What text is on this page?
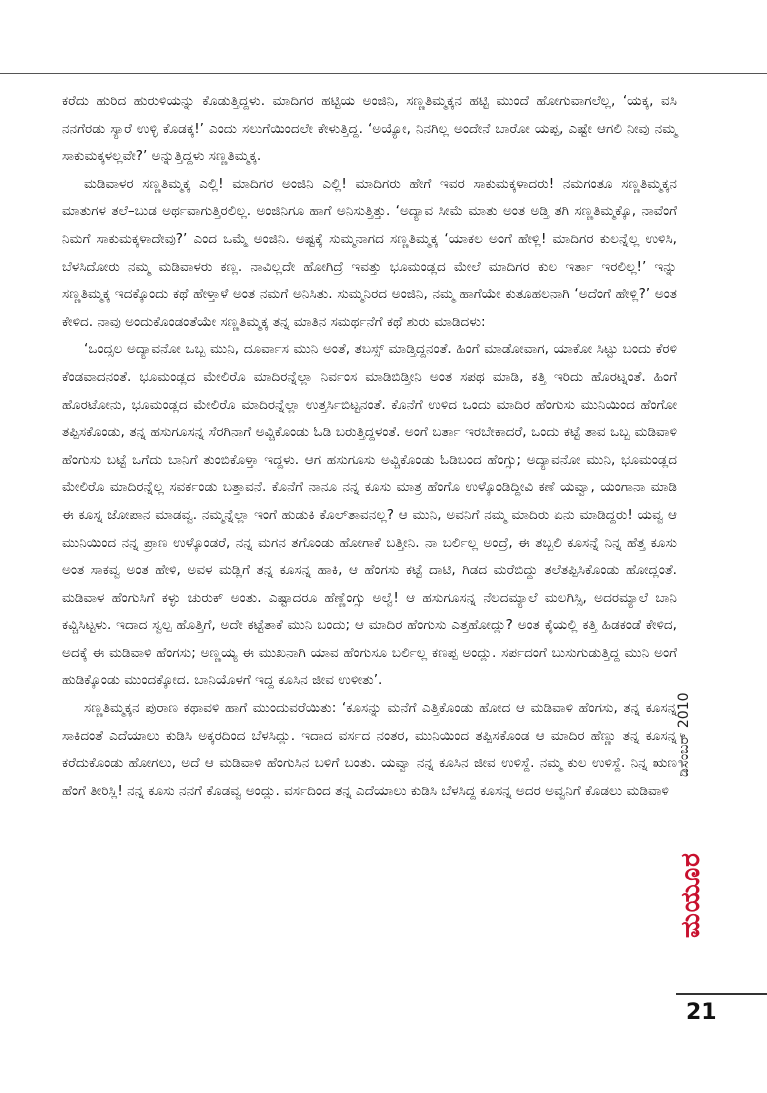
ಕರೆದು ಹುರಿದ ಹುರುಳಿಯನ್ನು ಕೊಡುತ್ತಿದ್ದಳು. ಮಾದಿಗರ ಹಟ್ಟಿಯ ಅಂಜಿನಿ, ಸಣ್ಣತಿಮ್ಮಕ್ಕನ ಹಟ್ಟಿ ಮುಂದೆ ಹೋಗುವಾಗಲೆಲ್ಲ, ‘ಯಕ್ಕ, ವಸಿ ನನಗೆರಡು ಸ್ಯಾರೆ ಉಳ್ಳಿ ಕೊಡಕ್ಕ!’ ಎಂದು ಸಲುಗೆಯಿಂದಲೇ ಕೇಳುತ್ತಿದ್ದ. ‘ಅಯ್ಯೋ, ನಿನಗಿಲ್ಲ ಅಂದೇನೆ ಬಾರೋ ಯಪ್ಪ, ಎಷ್ಟೇ ಆಗಲಿ ನೀವು ನಮ್ಮ ಸಾಕುಮಕ್ಕಳಲ್ಲವೇ?’ ಅನ್ನುತ್ತಿದ್ದಳು ಸಣ್ಣತಿಮ್ಮಕ್ಕ.

ಮಡಿವಾಳರ ಸಣ್ಣತಿಮ್ಮಕ್ಕ ಎಲ್ಲಿ! ಮಾದಿಗರ ಅಂಜಿನಿ ಎಲ್ಲಿ! ಮಾದಿಗರು ಹೇಗೆ ಇವರ ಸಾಕುಮಕ್ಕಳಾದರು! ನಮಗಂತೂ ಸಣ್ಣತಿಮ್ಮಕ್ಕನ ಮಾತುಗಳ ತಲೆ–ಬುಡ ಅರ್ಥವಾಗುತ್ತಿರಲಿಲ್ಲ. ಅಂಜಿನಿಗೂ ಹಾಗೆ ಅನಿಸುತ್ತಿತ್ತು. ‘ಅದ್ಯಾವ ಸೀಮೆ ಮಾತು ಅಂತ ಅಡ್ತಿ ತಗಿ ಸಣ್ಣತಿಮ್ಮಕ್ಕೊ, ನಾವೆಂಗೆ ನಿಮಗೆ ಸಾಕುಮಕ್ಕಳಾದೇವು?’ ಎಂದ ಒಮ್ಮೆ ಅಂಜಿನಿ. ಅಷ್ಟಕ್ಕೆ ಸುಮ್ಮನಾಗದ ಸಣ್ಣತಿಮ್ಮಕ್ಕ ‘ಯಾಕಲ ಅಂಗೆ ಹೇಳ್ಲಿ! ಮಾದಿಗರ ಕುಲನ್ನೆಲ್ಲ ಉಳಿಸಿ, ಬೆಳಸಿದೋರು ನಮ್ಮ ಮಡಿವಾಳರು ಕಣ್ಲ. ನಾವಿಲ್ಲದೇ ಹೋಗಿದ್ರೆ ಇವತ್ತು ಭೂಮಂಡ್ಲದ ಮೇಲೆ ಮಾದಿಗರ ಕುಲ ಇರ್ತಾ ಇರಲಿಲ್ಲ!’ ಇನ್ನು ಸಣ್ಣತಿಮ್ಮಕ್ಕ ಇದಕ್ಕೊಂದು ಕಥೆ ಹೇಳ್ತಾಳೆ ಅಂತ ನಮಗೆ ಅನಿಸಿತು. ಸುಮ್ಮನಿರದ ಅಂಜಿನಿ, ನಮ್ಮ ಹಾಗೆಯೇ ಕುತೂಹಲನಾಗಿ ‘ಅದೆಂಗೆ ಹೇಳ್ಲಿ?’ ಅಂತ ಕೇಳಿದ. ನಾವು ಅಂದುಕೊಂಡಂತೆಯೇ ಸಣ್ಣತಿಮ್ಮಕ್ಕ ತನ್ನ ಮಾತಿನ ಸಮರ್ಥನೆಗೆ ಕಥೆ ಶುರು ಮಾಡಿದಳು:

‘ಒಂದ್ಸಲ ಅದ್ಯಾವನೋ ಒಬ್ಬ ಮುನಿ, ದೂರ್ವಾಸ ಮುನಿ ಅಂತೆ, ತಬಸ್ಸ್ ಮಾಡ್ತಿದ್ದನಂತೆ. ಹಿಂಗೆ ಮಾಡೋವಾಗ, ಯಾಕೋ ಸಿಟ್ಟು ಬಂದು ಕೆರಳಿ ಕೆಂಡವಾದನಂತೆ. ಭೂಮಂಡ್ಲದ ಮೇಲಿರೊ ಮಾದಿರನ್ನೆಲ್ಲಾ ನಿರ್ವಂಸ ಮಾಡಿಬಿಡ್ತೀನಿ ಅಂತ ಸಪಥ ಮಾಡಿ, ಕತ್ತಿ ಇರಿದು ಹೊರಟ್ನಂತೆ. ಹಿಂಗೆ ಹೊರಟೋನು, ಭೂಮಂಡ್ಲದ ಮೇಲಿರೊ ಮಾದಿರನ್ನೆಲ್ಲಾ ಉತ್ತರ್ಸಿಬಿಟ್ಟನಂತೆ. ಕೊನೆಗೆ ಉಳಿದ ಒಂದು ಮಾದಿರ ಹೆಂಗುಸು ಮುನಿಯಿಂದ ಹೆಂಗೋ ತಪ್ಪಿಸಕೊಂಡು, ತನ್ನ ಹಸುಗೂಸನ್ನ ಸೆರಗಿನಾಗೆ ಅವ್ಚಿಕೊಂಡು ಓಡಿ ಬರುತ್ತಿದ್ದಳಂತೆ. ಅಂಗೆ ಬರ್ತಾ ಇರಬೇಕಾದರೆ, ಒಂದು ಕಟ್ಟೆ ತಾವ ಒಬ್ಬ ಮಡಿವಾಳಿ ಹೆಂಗುಸು ಬಟ್ಟೆ ಒಗೆದು ಬಾನಿಗೆ ತುಂಬಿಕೊಳ್ತಾ ಇದ್ದಳು. ಆಗ ಹಸುಗೂಸು ಅವ್ಚಿಕೊಂಡು ಓಡಿಬಂದ ಹೆಂಗ್ಸು; ಅದ್ಯಾವನೋ ಮುನಿ, ಭೂಮಂಡ್ಲದ ಮೇಲಿರೊ ಮಾದಿರನ್ನೆಲ್ಲ ಸವರ್ಕಂಡು ಬತ್ತಾವನೆ. ಕೊನೆಗೆ ನಾನೂ ನನ್ನ ಕೂಸು ಮಾತ್ರ ಹೆಂಗೊ ಉಳ್ಕೊಂಡಿದ್ದೀವಿ ಕಣೆ ಯವ್ವಾ, ಯಂಗಾನಾ ಮಾಡಿ ಈ ಕೂಸ್ನ ಜೋಪಾನ ಮಾಡವ್ವ. ನಮ್ಮನ್ನೆಲ್ಲಾ ಇಂಗೆ ಹುಡುಕಿ ಕೊಲ್‌ತಾವನಲ್ಲ? ಆ ಮುನಿ, ಅವನಿಗೆ ನಮ್ಮ ಮಾದಿರು ಏನು ಮಾಡಿದ್ದರು! ಯವ್ವ ಆ ಮುನಿಯಿಂದ ನನ್ನ ಪ್ರಾಣ ಉಳ್ಕೊಂಡರೆ, ನನ್ನ ಮಗನ ತಗೊಂಡು ಹೋಗಾಕೆ ಬತ್ತೀನಿ. ನಾ ಬರ್ಲಿಲ್ಲ ಅಂದ್ರೆ, ಈ ತಬ್ಬಲಿ ಕೂಸನ್ನೆ ನಿನ್ನ ಹೆತ್ತ ಕೂಸು ಅಂತ ಸಾಕವ್ವ ಅಂತ ಹೇಳಿ, ಅವಳ ಮಡ್ಲಿಗೆ ತನ್ನ ಕೂಸನ್ನ ಹಾಕಿ, ಆ ಹೆಂಗಸು ಕಟ್ಟೆ ದಾಟಿ, ಗಿಡದ ಮರೆಬಿದ್ದು ತಲೆತಪ್ಪಿಸಿಕೊಂಡು ಹೋದ್ಲಂತೆ. ಮಡಿವಾಳ ಹೆಂಗುಸಿಗೆ ಕಳ್ಳು ಚುರುಕ್ ಅಂತು. ಎಷ್ಟಾದರೂ ಹೆಣ್ಣೆಂಗ್ಸು ಅಲ್ವೆ! ಆ ಹಸುಗೂಸನ್ನ ನೆಲದಮ್ಯಾಲೆ ಮಲಗಿಸ್ಸಿ, ಅದರಮ್ಯಾಲೆ ಬಾನಿ ಕವ್ಚಿಸಿಟ್ಟಳು. ಇದಾದ ಸ್ವಲ್ಪ ಹೊತ್ತಿಗೆ, ಅದೇ ಕಟ್ಟೆತಾಕೆ ಮುನಿ ಬಂದು; ಆ ಮಾದಿರ ಹೆಂಗುಸು ಎತ್ತಹೋದ್ಲು? ಅಂತ ಕೈಯಲ್ಲಿ ಕತ್ತಿ ಹಿಡಕಂಡೆ ಕೇಳಿದ, ಅದಕ್ಕೆ ಈ ಮಡಿವಾಳಿ ಹೆಂಗಸು; ಅಣ್ಣಯ್ಯ ಈ ಮುಖನಾಗಿ ಯಾವ ಹೆಂಗುಸೂ ಬರ್ಲಿಲ್ಲ ಕಣಪ್ಪ ಅಂದ್ಲು. ಸರ್ಪದಂಗೆ ಬುಸುಗುಡುತ್ತಿದ್ದ ಮುನಿ ಅಂಗೆ ಹುಡಿಕ್ಕೊಂಡು ಮುಂದಕ್ಕೋದ. ಬಾನಿಯೊಳಗೆ ಇದ್ದ ಕೂಸಿನ ಜೀವ ಉಳೀತು’.

ಸಣ್ಣತಿಮ್ಮಕ್ಕನ ಪುರಾಣ ಕಥಾವಳಿ ಹಾಗೆ ಮುಂದುವರೆಯಿತು: ‘ಕೂಸನ್ನು ಮನೆಗೆ ಎತ್ತಿಕೊಂಡು ಹೋದ ಆ ಮಡಿವಾಳಿ ಹೆಂಗಸು, ತನ್ನ ಕೂಸನ್ನ ಸಾಕಿದಂತೆ ಎದೆಯಾಲು ಕುಡಿಸಿ ಅಕ್ಕರದಿಂದ ಬೆಳಸಿದ್ಲು. ಇದಾದ ವರ್ಸದ ನಂತರ, ಮುನಿಯಿಂದ ತಪ್ಪಿಸಕೊಂಡ ಆ ಮಾದಿರ ಹೆಣ್ಣು ತನ್ನ ಕೂಸನ್ನ ಕರೆದುಕೊಂಡು ಹೋಗಲು, ಅದೆ ಆ ಮಡಿವಾಳಿ ಹೆಂಗುಸಿನ ಬಳಿಗೆ ಬಂತು. ಯವ್ವಾ ನನ್ನ ಕೂಸಿನ ಜೀವ ಉಳಿಸ್ದೆ. ನಮ್ಮ ಕುಲ ಉಳಿಸ್ದೆ. ನಿನ್ನ ಋಣ ಹೆಂಗೆ ತೀರಿಸ್ಲಿ! ನನ್ನ ಕೂಸು ನನಗೆ ಕೊಡವ್ವ ಅಂದ್ಲು. ವರ್ಸದಿಂದ ತನ್ನ ಎದೆಯಾಲು ಕುಡಿಸಿ ಬೆಳಸಿದ್ದ ಕೂಸನ್ನ ಅದರ ಅವ್ವನಿಗೆ ಕೊಡಲು ಮಡಿವಾಳಿ

ಡಿಸೆಂಬರ್ 2010
ಮಯೂರ
21
